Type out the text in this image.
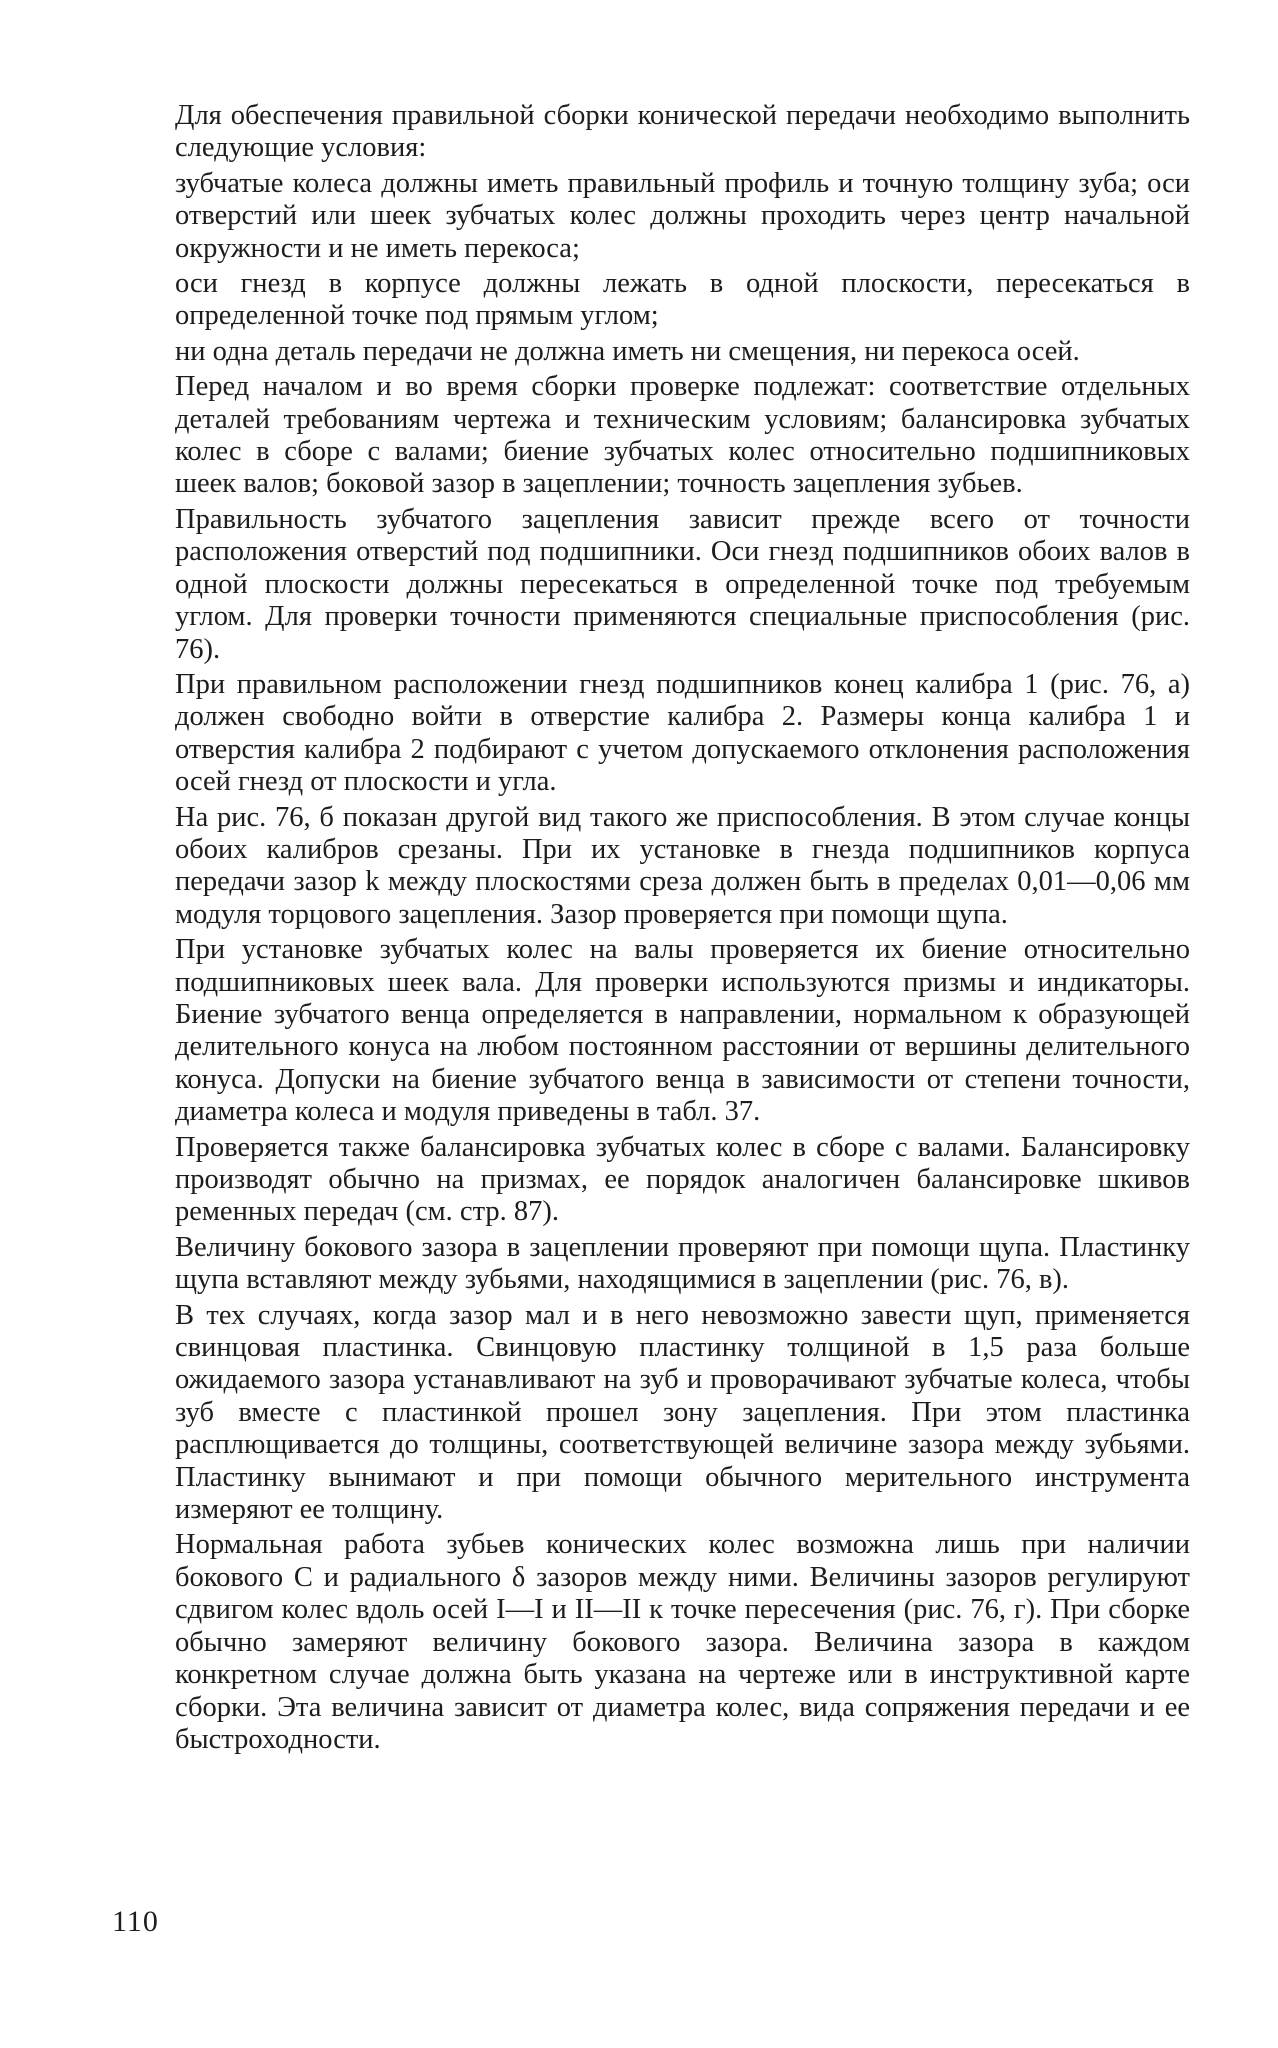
Для обеспечения правильной сборки конической передачи необходимо выполнить следующие условия:

зубчатые колеса должны иметь правильный профиль и точную толщину зуба; оси отверстий или шеек зубчатых колес должны проходить через центр начальной окружности и не иметь перекоса;

оси гнезд в корпусе должны лежать в одной плоскости, пересекаться в определенной точке под прямым углом;

ни одна деталь передачи не должна иметь ни смещения, ни перекоса осей.

Перед началом и во время сборки проверке подлежат: соответствие отдельных деталей требованиям чертежа и техническим условиям; балансировка зубчатых колес в сборе с валами; биение зубчатых колес относительно подшипниковых шеек валов; боковой зазор в зацеплении; точность зацепления зубьев.

Правильность зубчатого зацепления зависит прежде всего от точности расположения отверстий под подшипники. Оси гнезд подшипников обоих валов в одной плоскости должны пересекаться в определенной точке под требуемым углом. Для проверки точности применяются специальные приспособления (рис. 76).

При правильном расположении гнезд подшипников конец калибра 1 (рис. 76, а) должен свободно войти в отверстие калибра 2. Размеры конца калибра 1 и отверстия калибра 2 подбирают с учетом допускаемого отклонения расположения осей гнезд от плоскости и угла.

На рис. 76, б показан другой вид такого же приспособления. В этом случае концы обоих калибров срезаны. При их установке в гнезда подшипников корпуса передачи зазор k между плоскостями среза должен быть в пределах 0,01—0,06 мм модуля торцового зацепления. Зазор проверяется при помощи щупа.

При установке зубчатых колес на валы проверяется их биение относительно подшипниковых шеек вала. Для проверки используются призмы и индикаторы. Биение зубчатого венца определяется в направлении, нормальном к образующей делительного конуса на любом постоянном расстоянии от вершины делительного конуса. Допуски на биение зубчатого венца в зависимости от степени точности, диаметра колеса и модуля приведены в табл. 37.

Проверяется также балансировка зубчатых колес в сборе с валами. Балансировку производят обычно на призмах, ее порядок аналогичен балансировке шкивов ременных передач (см. стр. 87).

Величину бокового зазора в зацеплении проверяют при помощи щупа. Пластинку щупа вставляют между зубьями, находящимися в зацеплении (рис. 76, в).

В тех случаях, когда зазор мал и в него невозможно завести щуп, применяется свинцовая пластинка. Свинцовую пластинку толщиной в 1,5 раза больше ожидаемого зазора устанавливают на зуб и проворачивают зубчатые колеса, чтобы зуб вместе с пластинкой прошел зону зацепления. При этом пластинка расплющивается до толщины, соответствующей величине зазора между зубьями. Пластинку вынимают и при помощи обычного мерительного инструмента измеряют ее толщину.

Нормальная работа зубьев конических колес возможна лишь при наличии бокового С и радиального δ зазоров между ними. Величины зазоров регулируют сдвигом колес вдоль осей I—I и II—II к точке пересечения (рис. 76, г). При сборке обычно замеряют величину бокового зазора. Величина зазора в каждом конкретном случае должна быть указана на чертеже или в инструктивной карте сборки. Эта величина зависит от диаметра колес, вида сопряжения передачи и ее быстроходности.

110
